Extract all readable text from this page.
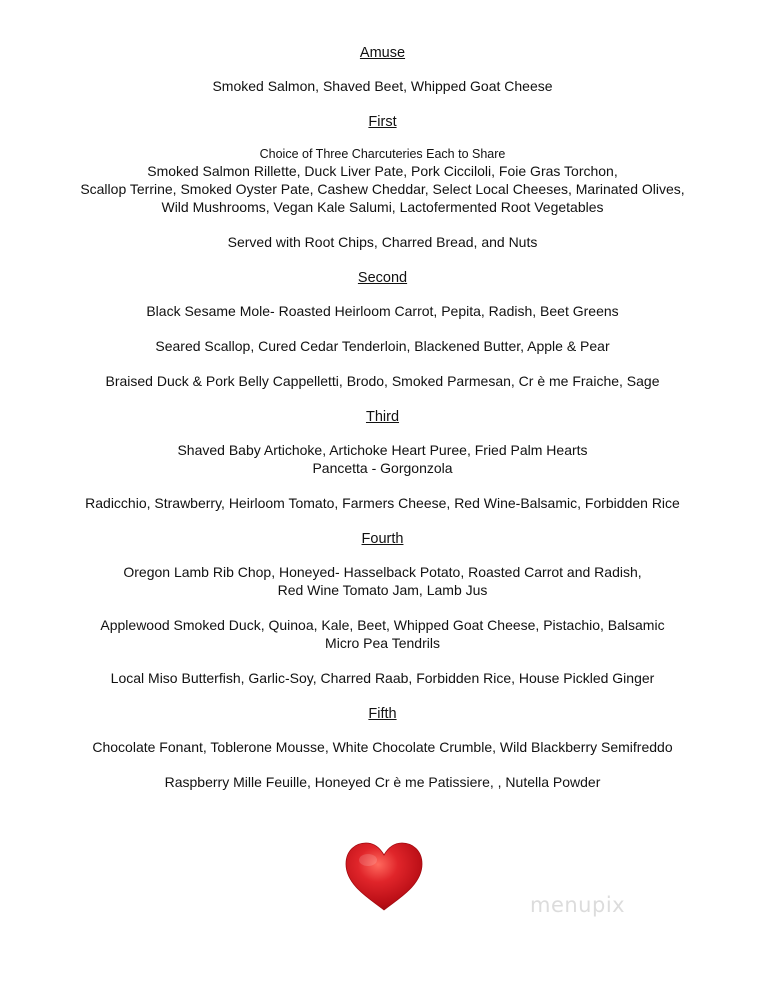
Amuse
Smoked Salmon, Shaved Beet, Whipped Goat Cheese
First
Choice of Three Charcuteries Each to Share
Smoked Salmon Rillette, Duck Liver Pate, Pork Cicciloli, Foie Gras Torchon,
Scallop Terrine, Smoked Oyster Pate, Cashew Cheddar, Select Local Cheeses, Marinated Olives,
Wild Mushrooms, Vegan Kale Salumi, Lactofermented Root Vegetables
Served with Root Chips, Charred Bread, and Nuts
Second
Black Sesame Mole- Roasted Heirloom Carrot, Pepita, Radish, Beet Greens
Seared Scallop, Cured Cedar Tenderloin, Blackened Butter, Apple & Pear
Braised Duck & Pork Belly Cappelletti, Brodo, Smoked Parmesan, Cr è me Fraiche, Sage
Third
Shaved Baby Artichoke, Artichoke Heart Puree, Fried Palm Hearts
Pancetta - Gorgonzola
Radicchio, Strawberry, Heirloom Tomato, Farmers Cheese, Red Wine-Balsamic, Forbidden Rice
Fourth
Oregon Lamb Rib Chop, Honeyed- Hasselback Potato, Roasted Carrot and Radish,
Red Wine Tomato Jam, Lamb Jus
Applewood Smoked Duck, Quinoa, Kale, Beet, Whipped Goat Cheese, Pistachio, Balsamic
Micro Pea Tendrils
Local Miso Butterfish, Garlic-Soy, Charred Raab, Forbidden Rice, House Pickled Ginger
Fifth
Chocolate Fonant, Toblerone Mousse, White Chocolate Crumble, Wild Blackberry Semifreddo
Raspberry Mille Feuille, Honeyed Cr è me Patissiere, , Nutella Powder
menupix
